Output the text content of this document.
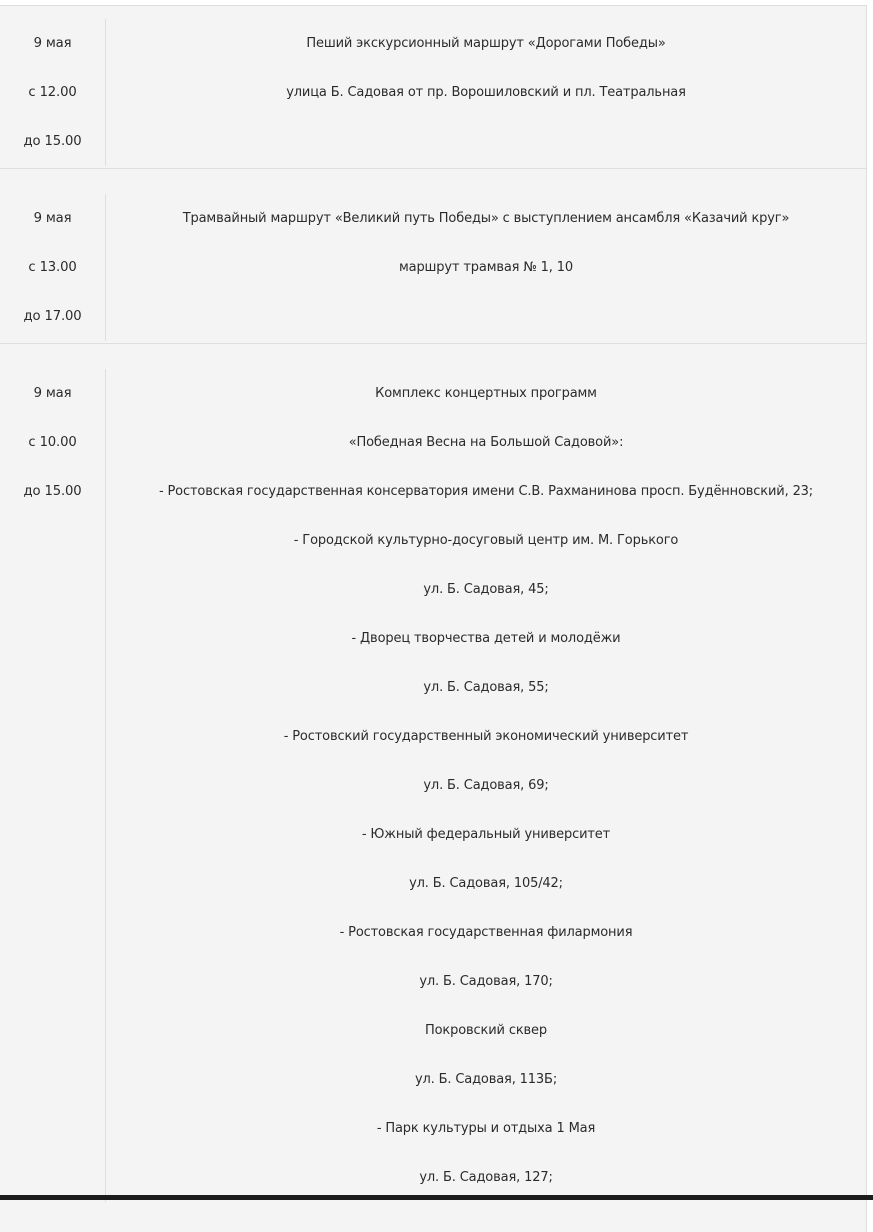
9 мая
с 12.00
до 15.00
Пеший экскурсионный маршрут «Дорогами Победы»
улица Б. Садовая от пр. Ворошиловский и пл. Театральная
9 мая
с 13.00
до 17.00
Трамвайный маршрут «Великий путь Победы» с выступлением ансамбля «Казачий круг»
маршрут трамвая № 1, 10
9 мая
с 10.00
до 15.00
Комплекс концертных программ
«Победная Весна на Большой Садовой»:
- Ростовская государственная консерватория имени С.В. Рахманинова просп. Будённовский, 23;
- Городской культурно-досуговый центр им. М. Горького
ул. Б. Садовая, 45;
- Дворец творчества детей и молодёжи
ул. Б. Садовая, 55;
- Ростовский государственный экономический университет
ул. Б. Садовая, 69;
- Южный федеральный университет
ул. Б. Садовая, 105/42;
- Ростовская государственная филармония
ул. Б. Садовая, 170;
Покровский сквер
ул. Б. Садовая, 113Б;
- Парк культуры и отдыха 1 Мая
ул. Б. Садовая, 127;
